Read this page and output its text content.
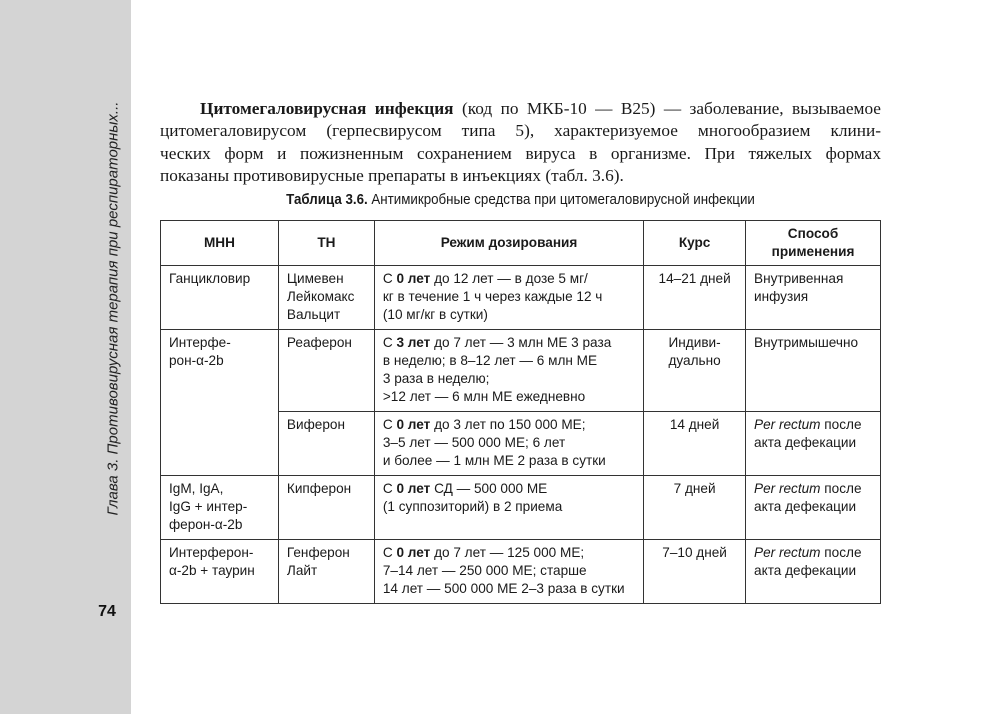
Глава 3. Противовирусная терапия при респираторных...
74

Цитомегаловирусная инфекция (код по МКБ-10 — В25) — заболевание, вызываемое
цитомегаловирусом (герпесвирусом типа 5), характеризуемое многообразием клини-
ческих форм и пожизненным сохранением вируса в организме. При тяжелых формах
показаны противовирусные препараты в инъекциях (табл. 3.6).

Таблица 3.6. Антимикробные средства при цитомегаловирусной инфекции
МНН	ТН	Режим дозирования	Курс	Способ
применения
Ганцикловир	Цимевен
Лейкомакс
Вальцит	С 0 лет до 12 лет — в дозе 5 мг/
кг в течение 1 ч через каждые 12 ч
(10 мг/кг в сутки)	14–21 дней	Внутривенная
инфузия
Интерфе-
рон-α-2b	Реаферон	С 3 лет до 7 лет — 3 млн МЕ 3 раза
в неделю; в 8–12 лет — 6 млн МЕ
3 раза в неделю;
>12 лет — 6 млн МЕ ежедневно	Индиви-
дуально	Внутримышечно
	Виферон	С 0 лет до 3 лет по 150 000 МЕ;
3–5 лет — 500 000 МЕ; 6 лет
и более — 1 млн МЕ 2 раза в сутки	14 дней	Per rectum после
акта дефекации
IgM, IgA,
IgG + интер-
ферон-α-2b	Кипферон	С 0 лет СД — 500 000 МЕ
(1 суппозиторий) в 2 приема	7 дней	Per rectum после
акта дефекации
Интерферон-
α-2b + таурин	Генферон
Лайт	С 0 лет до 7 лет — 125 000 МЕ;
7–14 лет — 250 000 МЕ; старше
14 лет — 500 000 МЕ 2–3 раза в сутки	7–10 дней	Per rectum после
акта дефекации
